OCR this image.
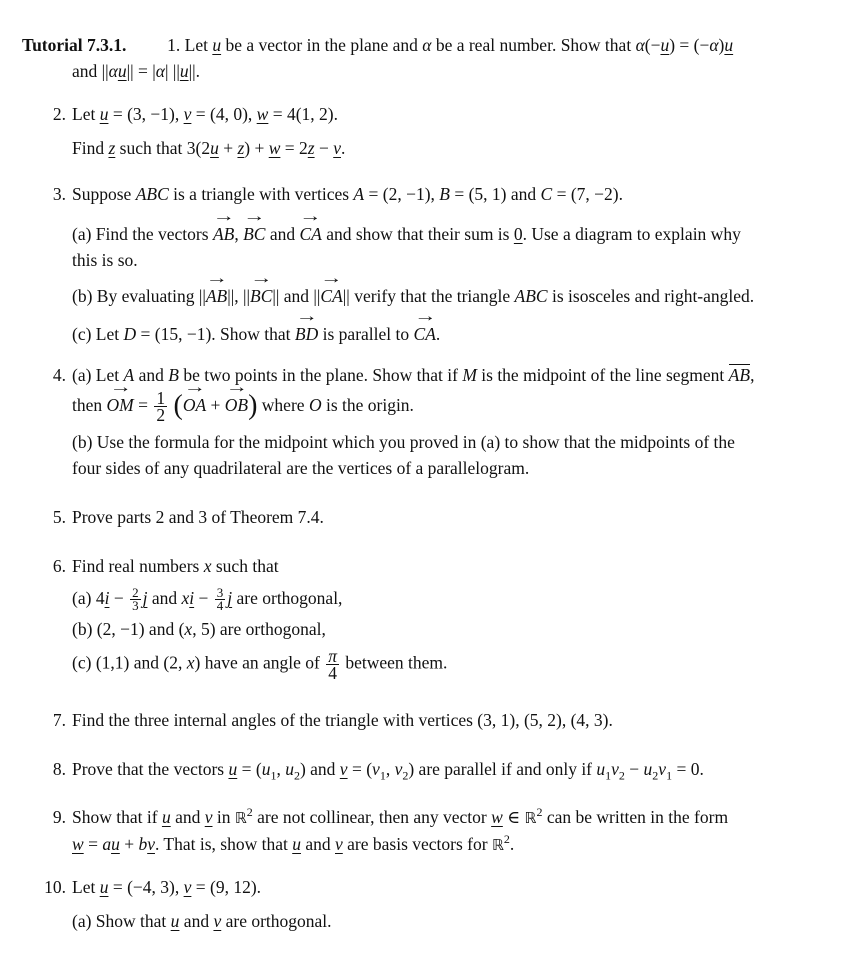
Tutorial 7.3.1. 1. Let u be a vector in the plane and α be a real number. Show that α(−u) = (−α)u
and ||αu|| = |α| ||u||.
2. Let u = (3, −1), v = (4, 0), w = 4(1, 2).
Find z such that 3(2u + z) + w = 2z − v.
3. Suppose ABC is a triangle with vertices A = (2, −1), B = (5, 1) and C = (7, −2).
(a) Find the vectors AB →, BC → and CA → and show that their sum is 0. Use a diagram to explain why
this is so.
(b) By evaluating ||AB →||, ||BC →|| and ||CA →|| verify that the triangle ABC is isosceles and right-angled.
(c) Let D = (15, −1). Show that BD → is parallel to CA →.
4. (a) Let A and B be two points in the plane. Show that if M is the midpoint of the line segment AB,
then OM → = $\frac{1}{2} (OA$ → + OB →) where O is the origin.
(b) Use the formula for the midpoint which you proved in (a) to show that the midpoints of the
four sides of any quadrilateral are the vertices of a parallelogram.
5. Prove parts 2 and 3 of Theorem 7.4.
6. Find real numbers x such that
(a) $4i - \frac{2}{3}$ j and xi − $\frac{3}{4}$ j are orthogonal,
(b) (2, −1) and (x, 5) are orthogonal,
(c) (1,1) and (2, x) have an angle of $\frac{\pi}{4}$ between them.
7. Find the three internal angles of the triangle with vertices (3, 1), (5, 2), (4, 3).
8. Prove that the vectors $u = (u_1$, $u_2$) and $v = (v_1$, $v_2$) are parallel if and only if $u_1v_2 - u_2v_1 = 0$.
9. Show that if u and v in ℝ$^2$ are not collinear, then any vector w ∈ ℝ$^2$ can be written in the form
w = au + bv. That is, show that u and v are basis vectors for ℝ$^2$.
10. Let u = (−4, 3), v = (9, 12).
(a) Show that u and v are orthogonal.
